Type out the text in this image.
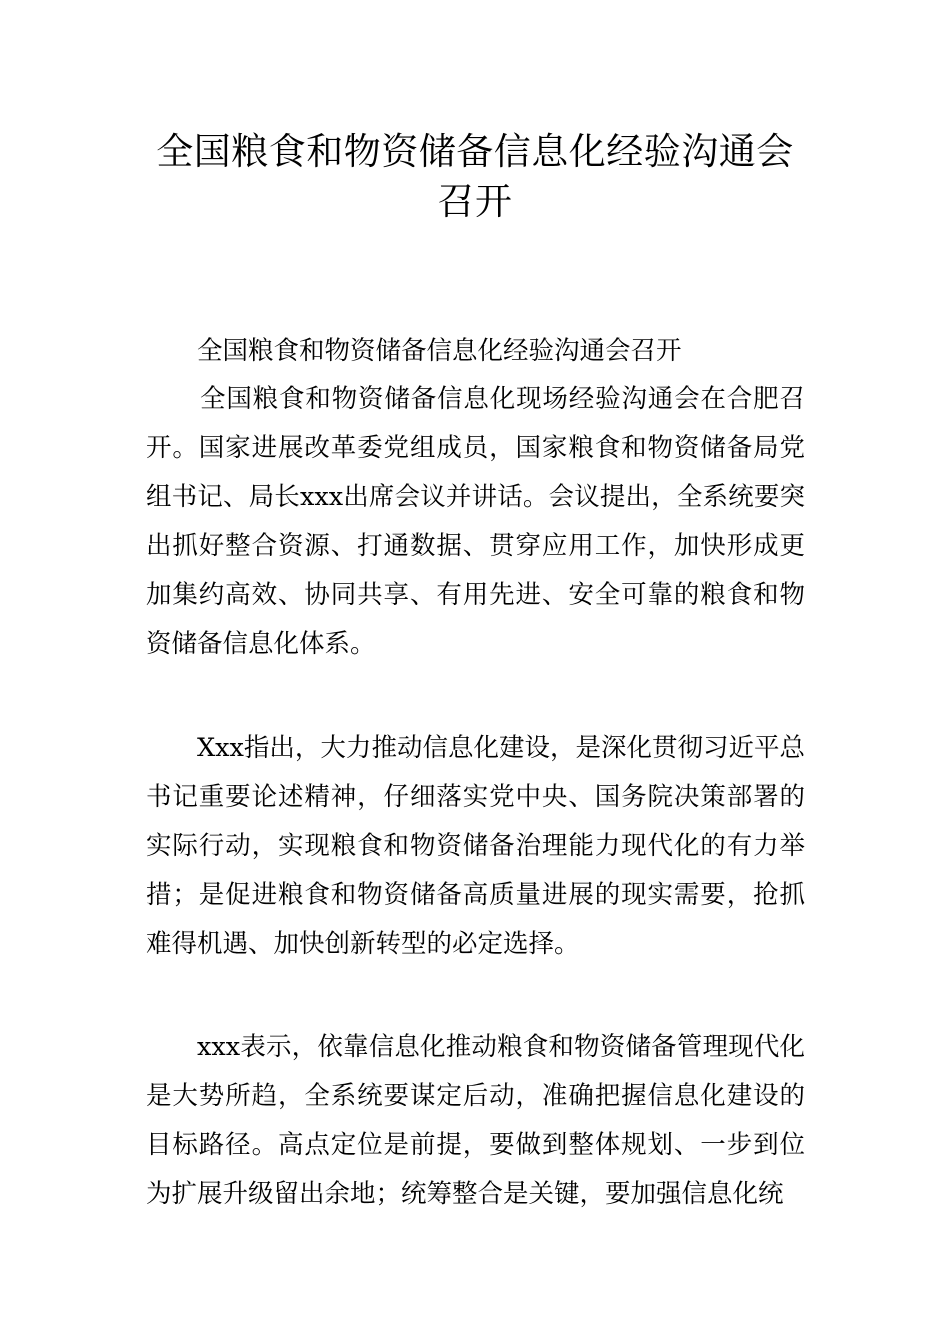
全国粮食和物资储备信息化经验沟通会
召开

全国粮食和物资储备信息化经验沟通会召开

全国粮食和物资储备信息化现场经验沟通会在合肥召开。国家进展改革委党组成员，国家粮食和物资储备局党组书记、局长xxx出席会议并讲话。会议提出，全系统要突出抓好整合资源、打通数据、贯穿应用工作，加快形成更加集约高效、协同共享、有用先进、安全可靠的粮食和物资储备信息化体系。

Xxx指出，大力推动信息化建设，是深化贯彻习近平总书记重要论述精神，仔细落实党中央、国务院决策部署的实际行动，实现粮食和物资储备治理能力现代化的有力举措；是促进粮食和物资储备高质量进展的现实需要，抢抓难得机遇、加快创新转型的必定选择。

xxx表示，依靠信息化推动粮食和物资储备管理现代化是大势所趋，全系统要谋定后动，准确把握信息化建设的目标路径。高点定位是前提，要做到整体规划、一步到位为扩展升级留出余地；统筹整合是关键，要加强信息化统
